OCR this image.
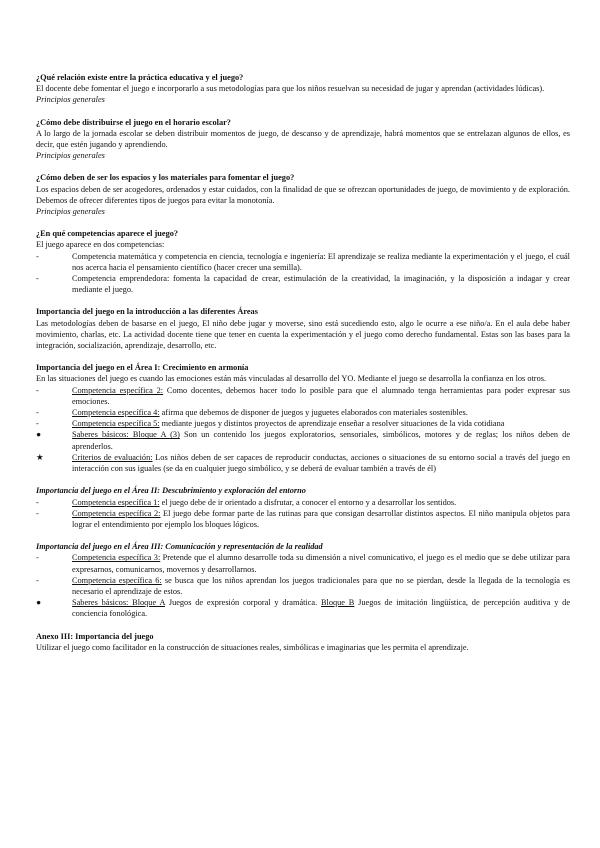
¿Qué relación existe entre la práctica educativa y el juego?
El docente debe fomentar el juego e incorporarlo a sus metodologías para que los niños resuelvan su necesidad de jugar y aprendan (actividades lúdicas).
Principios generales
¿Cómo debe distribuirse el juego en el horario escolar?
A lo largo de la jornada escolar se deben distribuir momentos de juego, de descanso y de aprendizaje, habrá momentos que se entrelazan algunos de ellos, es decir, que estén jugando y aprendiendo.
Principios generales
¿Cómo deben de ser los espacios y los materiales para fomentar el juego?
Los espacios deben de ser acogedores, ordenados y estar cuidados, con la finalidad de que se ofrezcan oportunidades de juego, de movimiento y de exploración. Debemos de ofrecer diferentes tipos de juegos para evitar la monotonía.
Principios generales
¿En qué competencias aparece el juego?
El juego aparece en dos competencias:
-	Competencia matemática y competencia en ciencia, tecnología e ingeniería: El aprendizaje se realiza mediante la experimentación y el juego, el cuál nos acerca hacia el pensamiento científico (hacer crecer una semilla).
-	Competencia emprendedora: fomenta la capacidad de crear, estimulación de la creatividad, la imaginación, y la disposición a indagar y crear mediante el juego.
Importancia del juego en la introducción a las diferentes Áreas
Las metodologías deben de basarse en el juego, El niño debe jugar y moverse, sino está sucediendo esto, algo le ocurre a ese niño/a. En el aula debe haber movimiento, charlas, etc. La actividad docente tiene que tener en cuenta la experimentación y el juego como derecho fundamental. Estas son las bases para la integración, socialización, aprendizaje, desarrollo, etc.
Importancia del juego en el Área I: Crecimiento en armonía
En las situaciones del juego es cuando las emociones están más vinculadas al desarrollo del YO. Mediante el juego se desarrolla la confianza en los otros.
-	Competencia específica 2: Como docentes, debemos hacer todo lo posible para que el alumnado tenga herramientas para poder expresar sus emociones.
-	Competencia específica 4: afirma que debemos de disponer de juegos y juguetes elaborados con materiales sostenibles.
-	Competencia específica 5: mediante juegos y distintos proyectos de aprendizaje enseñar a resolver situaciones de la vida cotidiana
●	Saberes básicos: Bloque A (3) Son un contenido los juegos exploratorios, sensoriales, simbólicos, motores y de reglas; los niños deben de aprenderlos.
★	Criterios de evaluación: Los niños deben de ser capaces de reproducir conductas, acciones o situaciones de su entorno social a través del juego en interacción con sus iguales (se da en cualquier juego simbólico, y se deberá de evaluar también a través de él)
Importancia del juego en el Área II: Descubrimiento y exploración del entorno
-	Competencia específica 1: el juego debe de ir orientado a disfrutar, a conocer el entorno y a desarrollar los sentidos.
-	Competencia específica 2: El juego debe formar parte de las rutinas para que consigan desarrollar distintos aspectos. El niño manipula objetos para lograr el entendimiento por ejemplo los bloques lógicos.
Importancia del juego en el Área III: Comunicación y representación de la realidad
-	Competencia específica 3: Pretende que el alumno desarrolle toda su dimensión a nivel comunicativo, el juego es el medio que se debe utilizar para expresarnos, comunicarnos, movernos y desarrollarnos.
-	Competencia específica 6: se busca que los niños aprendan los juegos tradicionales para que no se pierdan, desde la llegada de la tecnología es necesario el aprendizaje de estos.
●	Saberes básicos: Bloque A Juegos de expresión corporal y dramática. Bloque B Juegos de imitación lingüística, de percepción auditiva y de conciencia fonológica.
Anexo III: Importancia del juego
Utilizar el juego como facilitador en la construcción de situaciones reales, simbólicas e imaginarias que les permita el aprendizaje.
